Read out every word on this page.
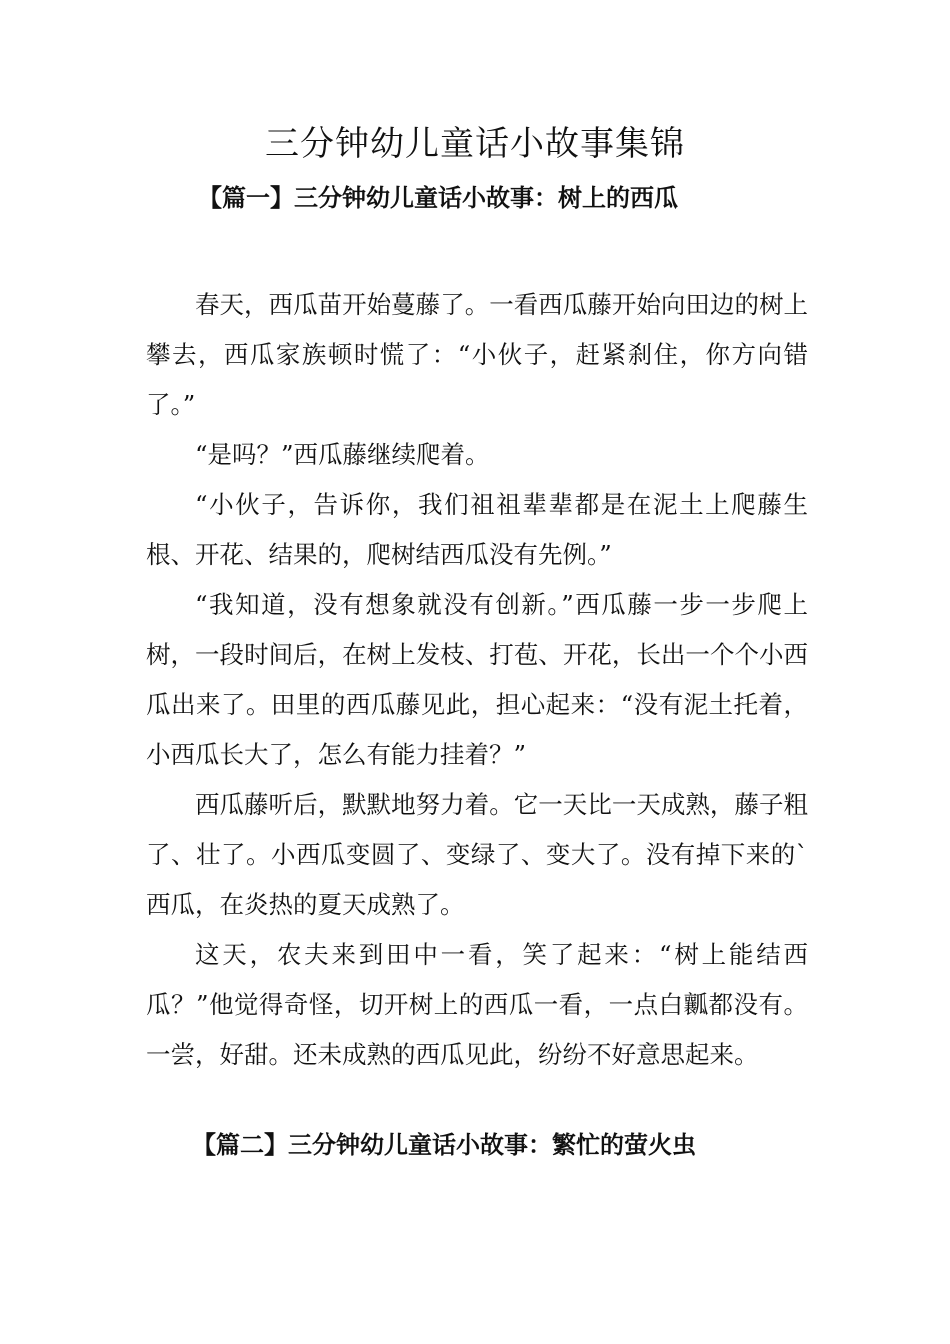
三分钟幼儿童话小故事集锦
【篇一】三分钟幼儿童话小故事：树上的西瓜

春天，西瓜苗开始蔓藤了。一看西瓜藤开始向田边的树上攀去，西瓜家族顿时慌了：“小伙子，赶紧刹住，你方向错了。”

“是吗？”西瓜藤继续爬着。

“小伙子，告诉你，我们祖祖辈辈都是在泥土上爬藤生根、开花、结果的，爬树结西瓜没有先例。”

“我知道，没有想象就没有创新。”西瓜藤一步一步爬上树，一段时间后，在树上发枝、打苞、开花，长出一个个小西瓜出来了。田里的西瓜藤见此，担心起来：“没有泥土托着，小西瓜长大了，怎么有能力挂着？”

西瓜藤听后，默默地努力着。它一天比一天成熟，藤子粗了、壮了。小西瓜变圆了、变绿了、变大了。没有掉下来的`西瓜，在炎热的夏天成熟了。

这天，农夫来到田中一看，笑了起来：“树上能结西瓜？”他觉得奇怪，切开树上的西瓜一看，一点白瓤都没有。一尝，好甜。还未成熟的西瓜见此，纷纷不好意思起来。

【篇二】三分钟幼儿童话小故事：繁忙的萤火虫
